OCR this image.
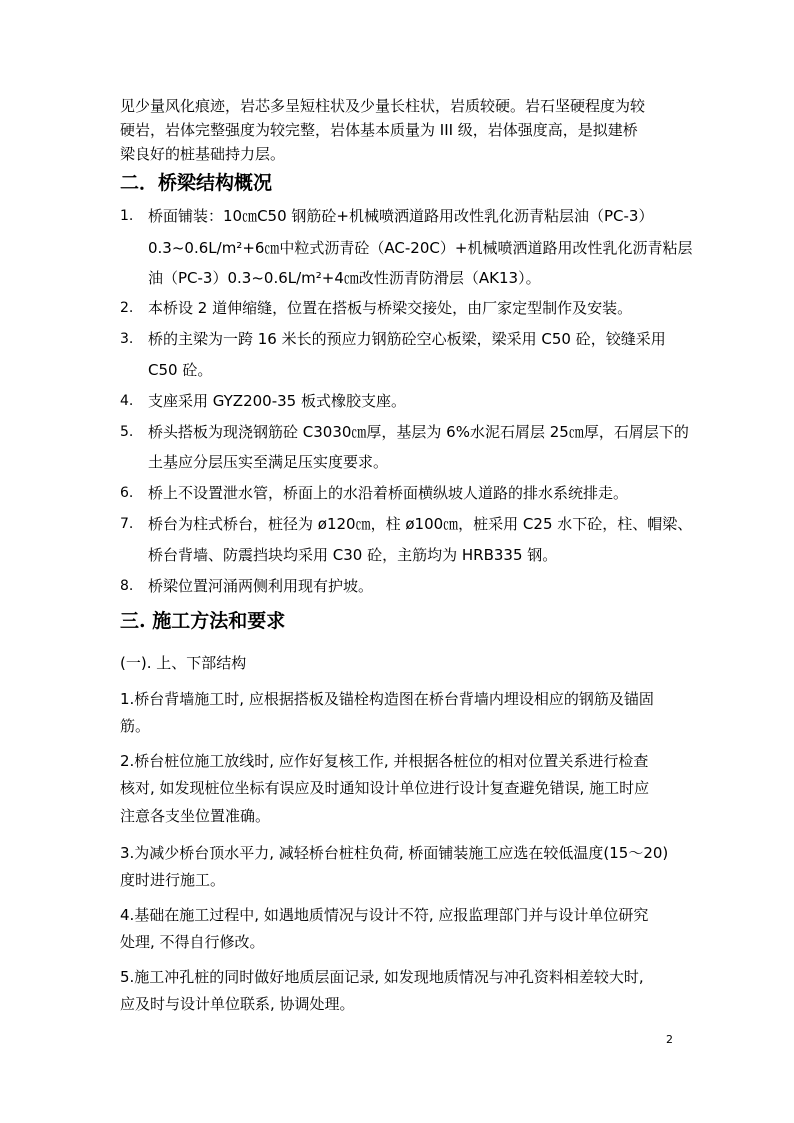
见少量风化痕迹，岩芯多呈短柱状及少量长柱状，岩质较硬。岩石坚硬程度为较
硬岩，岩体完整强度为较完整，岩体基本质量为 III 级，岩体强度高，是拟建桥
梁良好的桩基础持力层。
二．桥梁结构概况
1. 桥面铺装：10㎝C50 钢筋砼+机械喷洒道路用改性乳化沥青粘层油（PC-3）
0.3~0.6L/m²+6㎝中粒式沥青砼（AC-20C）+机械喷洒道路用改性乳化沥青粘层
油（PC-3）0.3~0.6L/m²+4㎝改性沥青防滑层（AK13）。
2. 本桥设 2 道伸缩缝，位置在搭板与桥梁交接处，由厂家定型制作及安装。
3. 桥的主梁为一跨 16 米长的预应力钢筋砼空心板梁，梁采用 C50 砼，铰缝采用
C50 砼。
4. 支座采用 GYZ200-35 板式橡胶支座。
5. 桥头搭板为现浇钢筋砼 C3030㎝厚，基层为 6%水泥石屑层 25㎝厚，石屑层下的
土基应分层压实至满足压实度要求。
6. 桥上不设置泄水管，桥面上的水沿着桥面横纵坡人道路的排水系统排走。
7. 桥台为柱式桥台，桩径为 ø120㎝，柱 ø100㎝，桩采用 C25 水下砼，柱、帽梁、
桥台背墙、防震挡块均采用 C30 砼，主筋均为 HRB335 钢。
8. 桥梁位置河涌两侧利用现有护坡。
三. 施工方法和要求
(一). 上、下部结构
1.桥台背墙施工时, 应根据搭板及锚栓构造图在桥台背墙内埋设相应的钢筋及锚固
筋。
2.桥台桩位施工放线时, 应作好复核工作, 并根据各桩位的相对位置关系进行检查
核对, 如发现桩位坐标有误应及时通知设计单位进行设计复查避免错误, 施工时应
注意各支坐位置准确。
3.为减少桥台顶水平力, 减轻桥台桩柱负荷, 桥面铺装施工应选在较低温度(15～20)
度时进行施工。
4.基础在施工过程中, 如遇地质情况与设计不符, 应报监理部门并与设计单位研究
处理, 不得自行修改。
5.施工冲孔桩的同时做好地质层面记录, 如发现地质情况与冲孔资料相差较大时,
应及时与设计单位联系, 协调处理。
2
